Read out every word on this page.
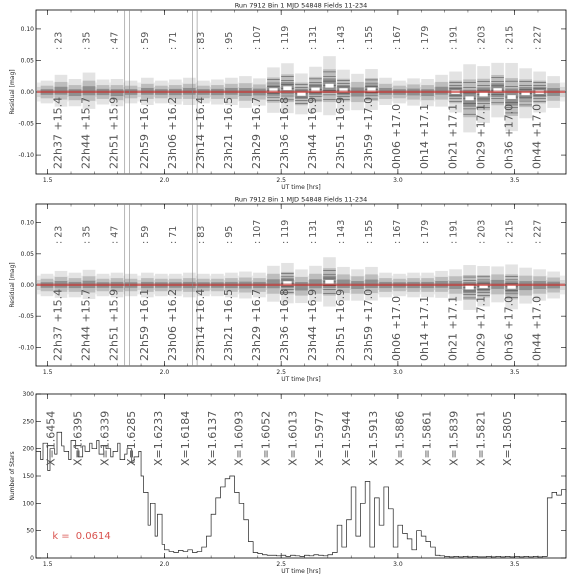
Run 7912 Bin 1 MJD 54848 Fields 11-234
1.5	2.0	2.5	3.0	3.5
-0.10
-0.05
0.00
0.05
0.10
UT time [hrs]
Residual [mag]
: 23
22h37 +15.4
: 35
22h44 +15.7
: 47
22h51 +15.9
: 59
22h59 +16.1
: 71
23h06 +16.2
: 83
23h14 +16.4
: 95
23h21 +16.5
: 107
23h29 +16.7
: 119
23h36 +16.8
: 131
23h44 +16.9
: 143
23h51 +16.9
: 155
23h59 +17.0
: 167
0h06 +17.0
: 179
0h14 +17.1
: 191
0h21 +17.1
: 203
0h29 +17.1
: 215
0h36 +17.0
: 227
0h44 +17.0
Run 7912 Bin 1 MJD 54848 Fields 11-234
1.5	2.0	2.5	3.0	3.5
-0.10
-0.05
0.00
0.05
0.10
UT time [hrs]
Residual [mag]
: 23
22h37 +15.4
: 35
22h44 +15.7
: 47
22h51 +15.9
: 59
22h59 +16.1
: 71
23h06 +16.2
: 83
23h14 +16.4
: 95
23h21 +16.5
: 107
23h29 +16.7
: 119
23h36 +16.8
: 131
23h44 +16.9
: 143
23h51 +16.9
: 155
23h59 +17.0
: 167
0h06 +17.0
: 179
0h14 +17.1
: 191
0h21 +17.1
: 203
0h29 +17.1
: 215
0h36 +17.0
: 227
0h44 +17.0
1.5	2.0	2.5	3.0	3.5
0
50
100
150
200
250
300
UT time [hrs]
Number of Stars
X=1.6454 X=1.6395 X=1.6339 X=1.6285 X=1.6233 X=1.6184 X=1.6137 X=1.6093 X=1.6052 X=1.6013 X=1.5977 X=1.5944 X=1.5913 X=1.5886 X=1.5861 X=1.5839 X=1.5821 X=1.5805
k = 0.0614
